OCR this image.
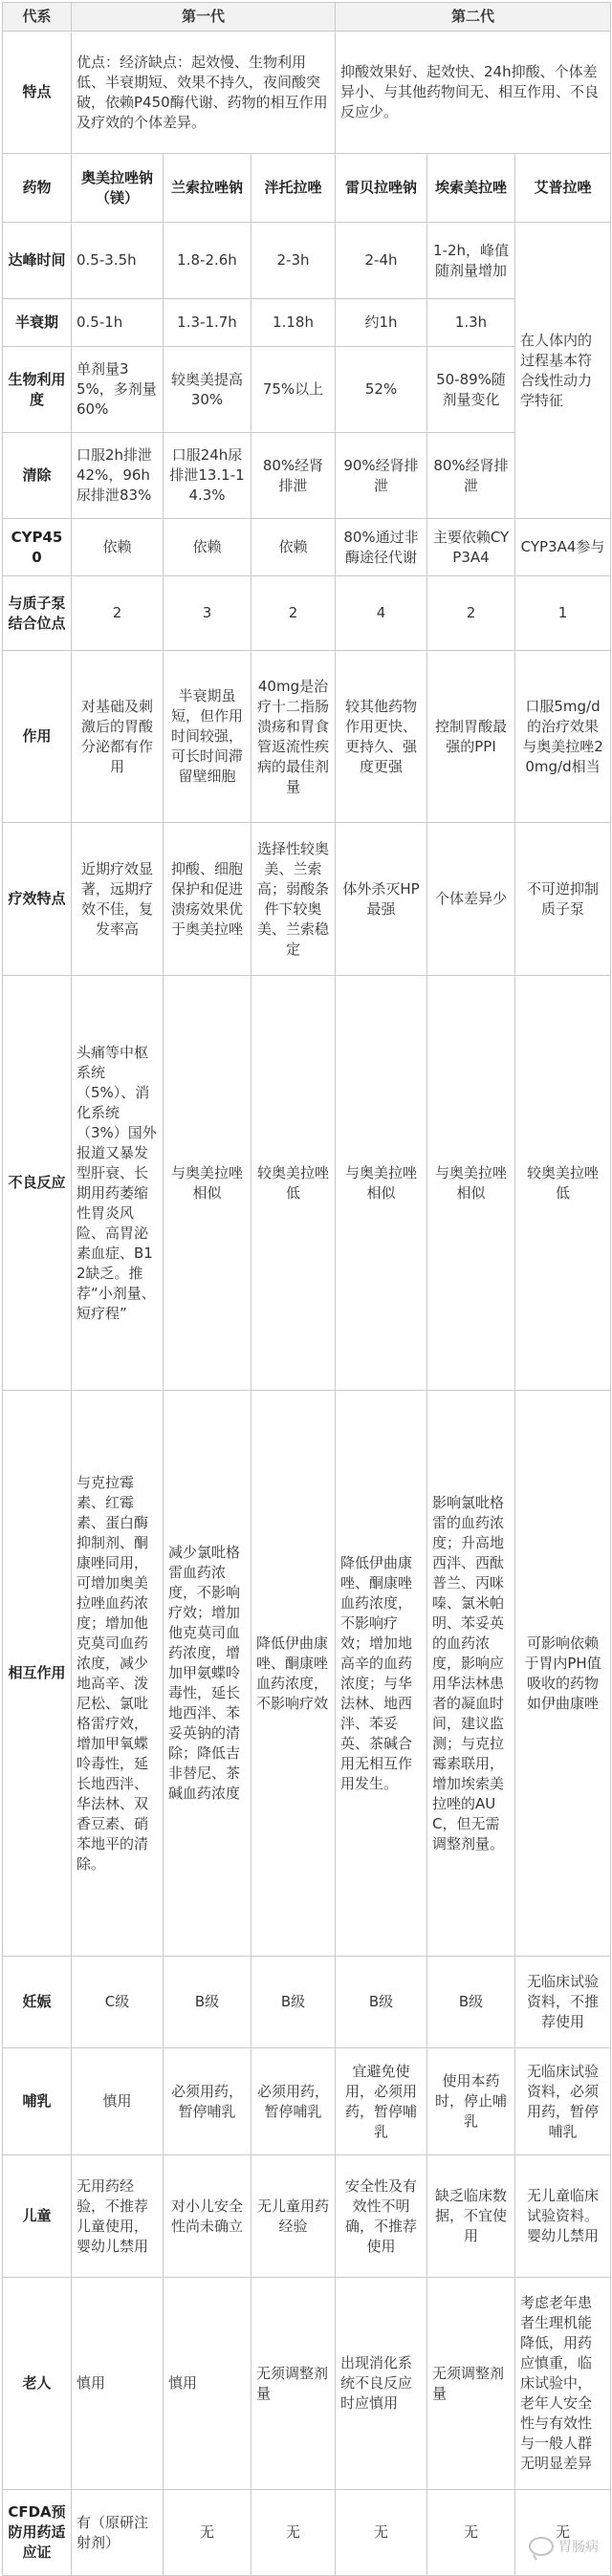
代系	第一代			第二代		
特点	优点：经济缺点：起效慢、生物利用低、半衰期短、效果不持久，夜间酸突破，依赖P450酶代谢、药物的相互作用及疗效的个体差异。			抑酸效果好、起效快、24h抑酸、个体差异小、与其他药物间无、相互作用、不良反应少。		
药物	奥美拉唑钠（镁）	兰索拉唑钠	泮托拉唑	雷贝拉唑钠	埃索美拉唑	艾普拉唑
达峰时间	0.5-3.5h	1.8-2.6h	2-3h	2-4h	1-2h，峰值随剂量增加	在人体内的过程基本符合线性动力学特征
半衰期	0.5-1h	1.3-1.7h	1.18h	约1h	1.3h	
生物利用度	单剂量35%，多剂量60%	较奥美提高30%	75%以上	52%	50-89%随剂量变化	
清除	口服2h排泄42%，96h尿排泄83%	口服24h尿排泄13.1-14.3%	80%经肾排泄	90%经肾排泄	80%经肾排泄	
CYP450	依赖	依赖	依赖	80%通过非酶途径代谢	主要依赖CYP3A4	CYP3A4参与
与质子泵结合位点	2	3	2	4	2	1
作用	对基础及刺激后的胃酸分泌都有作用	半衰期虽短，但作用时间较强，可长时间滞留壁细胞	40mg是治疗十二指肠溃疡和胃食管返流性疾病的最佳剂量	较其他药物作用更快、更持久、强度更强	控制胃酸最强的PPI	口服5mg/d的治疗效果与奥美拉唑20mg/d相当
疗效特点	近期疗效显著，远期疗效不佳，复发率高	抑酸、细胞保护和促进溃疡效果优于奥美拉唑	选择性较奥美、兰索高；弱酸条件下较奥美、兰索稳定	体外杀灭HP最强	个体差异少	不可逆抑制质子泵
不良反应	头痛等中枢系统（5%）、消化系统（3%）国外报道又暴发型肝衰、长期用药萎缩性胃炎风险、高胃泌素血症、B12缺乏。推荐“小剂量、短疗程”	与奥美拉唑相似	较奥美拉唑低	与奥美拉唑相似	与奥美拉唑相似	较奥美拉唑低
相互作用	与克拉霉素、红霉素、蛋白酶抑制剂、酮康唑同用，可增加奥美拉唑血药浓度；增加他克莫司血药浓度，减少地高辛、泼尼松、氯吡格雷疗效，增加甲氧蝶呤毒性，延长地西泮、华法林、双香豆素、硝苯地平的清除。	减少氯吡格雷血药浓度，不影响疗效；增加他克莫司血药浓度，增加甲氨蝶呤毒性，延长地西泮、苯妥英钠的清除；降低吉非替尼、茶碱血药浓度	降低伊曲康唑、酮康唑血药浓度，不影响疗效	降低伊曲康唑、酮康唑血药浓度，不影响疗效；增加地高辛的血药浓度；与华法林、地西泮、苯妥英、茶碱合用无相互作用发生。	影响氯吡格雷的血药浓度；升高地西泮、西酞普兰、丙咪嗪、氯米帕明、苯妥英的血药浓度，影响应用华法林患者的凝血时间，建议监测；与克拉霉素联用，增加埃索美拉唑的AUC，但无需调整剂量。	可影响依赖于胃内PH值吸收的药物如伊曲康唑
妊娠	C级	B级	B级	B级	B级	无临床试验资料，不推荐使用
哺乳	慎用	必须用药，暂停哺乳	必须用药，暂停哺乳	宜避免使用，必须用药，暂停哺乳	使用本药时，停止哺乳	无临床试验资料，必须用药，暂停哺乳
儿童	无用药经验，不推荐儿童使用，婴幼儿禁用	对小儿安全性尚未确立	无儿童用药经验	安全性及有效性不明确，不推荐使用	缺乏临床数据，不宜使用	无儿童临床试验资料。婴幼儿禁用
老人	慎用	慎用	无须调整剂量	出现消化系统不良反应时应慎用	无须调整剂量	考虑老年患者生理机能降低，用药应慎重，临床试验中，老年人安全性与有效性与一般人群无明显差异
CFDA预防用药适应证	有（原研注射剂）	无	无	无	无	无
胃肠病
